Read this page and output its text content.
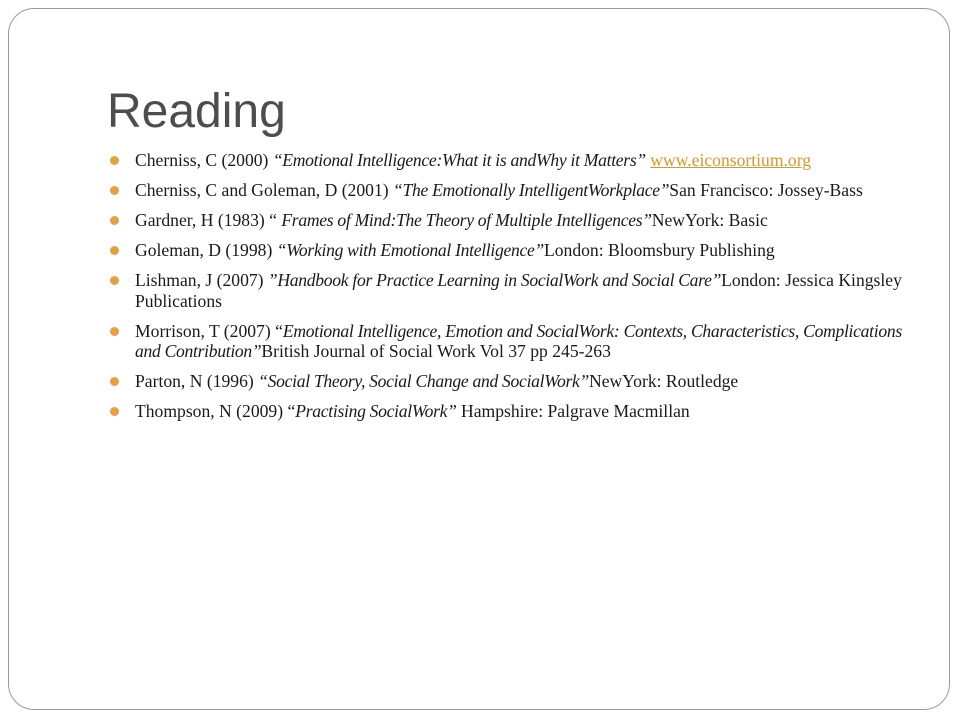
Reading
Cherniss, C (2000) “Emotional Intelligence:What it is andWhy it Matters” www.eiconsortium.org
Cherniss, C and Goleman, D (2001) “The Emotionally IntelligentWorkplace”San Francisco: Jossey-Bass
Gardner, H (1983) “ Frames of Mind:The Theory of Multiple Intelligences”NewYork: Basic
Goleman, D (1998) “Working with Emotional Intelligence”London: Bloomsbury Publishing
Lishman, J (2007) ”Handbook for Practice Learning in SocialWork and Social Care”London: Jessica Kingsley Publications
Morrison, T (2007) “Emotional Intelligence, Emotion and SocialWork: Contexts, Characteristics, Complications and Contribution”British Journal of Social Work Vol 37 pp 245-263
Parton, N (1996) “Social Theory, Social Change and SocialWork”NewYork: Routledge
Thompson, N (2009) “Practising SocialWork” Hampshire: Palgrave Macmillan
